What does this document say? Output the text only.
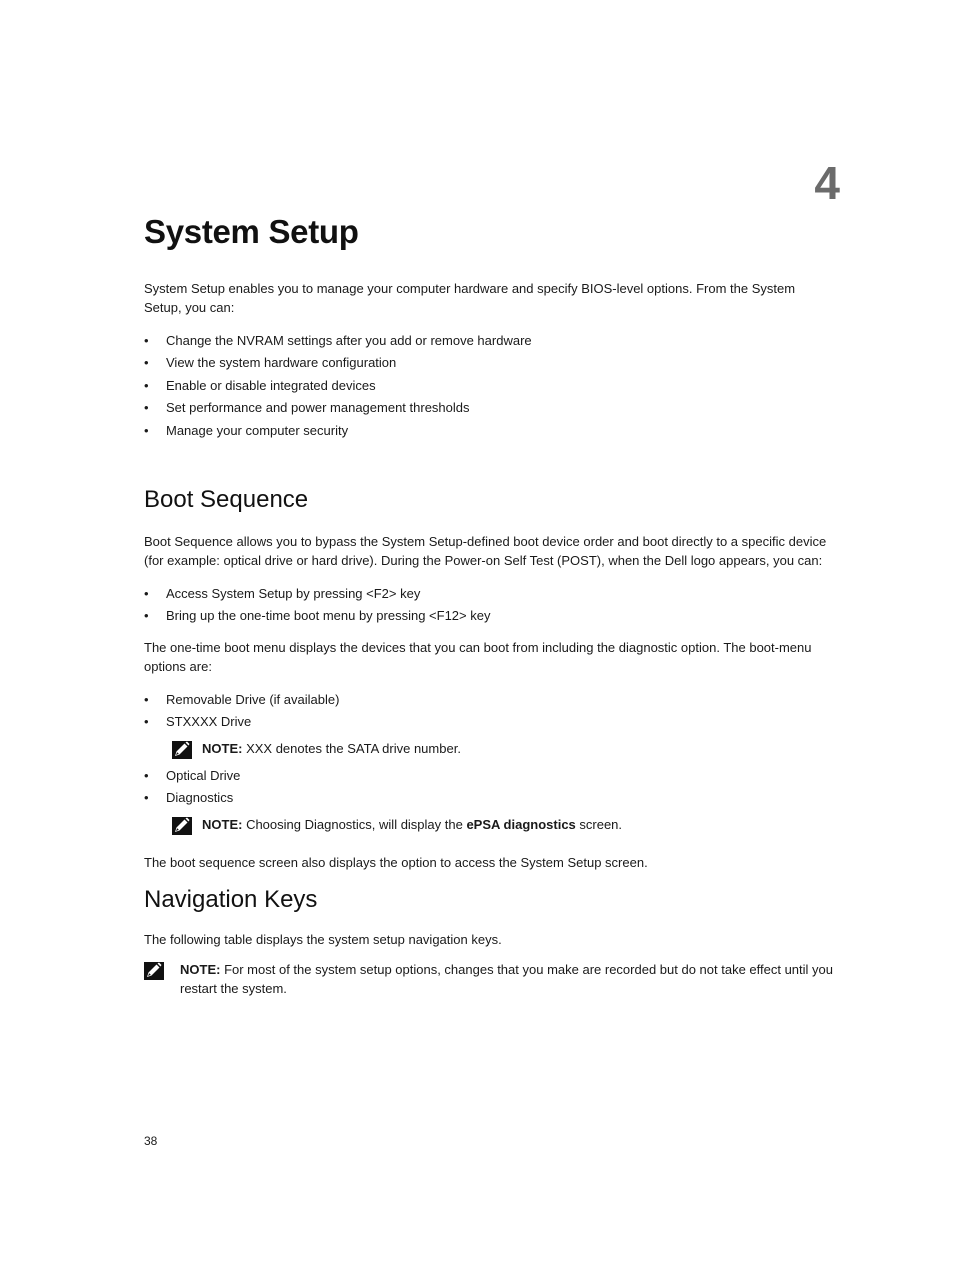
4
System Setup

System Setup enables you to manage your computer hardware and specify BIOS-level options. From the System Setup, you can:

• Change the NVRAM settings after you add or remove hardware
• View the system hardware configuration
• Enable or disable integrated devices
• Set performance and power management thresholds
• Manage your computer security
Boot Sequence

Boot Sequence allows you to bypass the System Setup-defined boot device order and boot directly to a specific device (for example: optical drive or hard drive). During the Power-on Self Test (POST), when the Dell logo appears, you can:

• Access System Setup by pressing <F2> key
• Bring up the one-time boot menu by pressing <F12> key

The one-time boot menu displays the devices that you can boot from including the diagnostic option. The boot-menu options are:

• Removable Drive (if available)
• STXXXX Drive
NOTE: XXX denotes the SATA drive number.
• Optical Drive
• Diagnostics
NOTE: Choosing Diagnostics, will display the ePSA diagnostics screen.

The boot sequence screen also displays the option to access the System Setup screen.

Navigation Keys

The following table displays the system setup navigation keys.

NOTE: For most of the system setup options, changes that you make are recorded but do not take effect until you restart the system.
38
